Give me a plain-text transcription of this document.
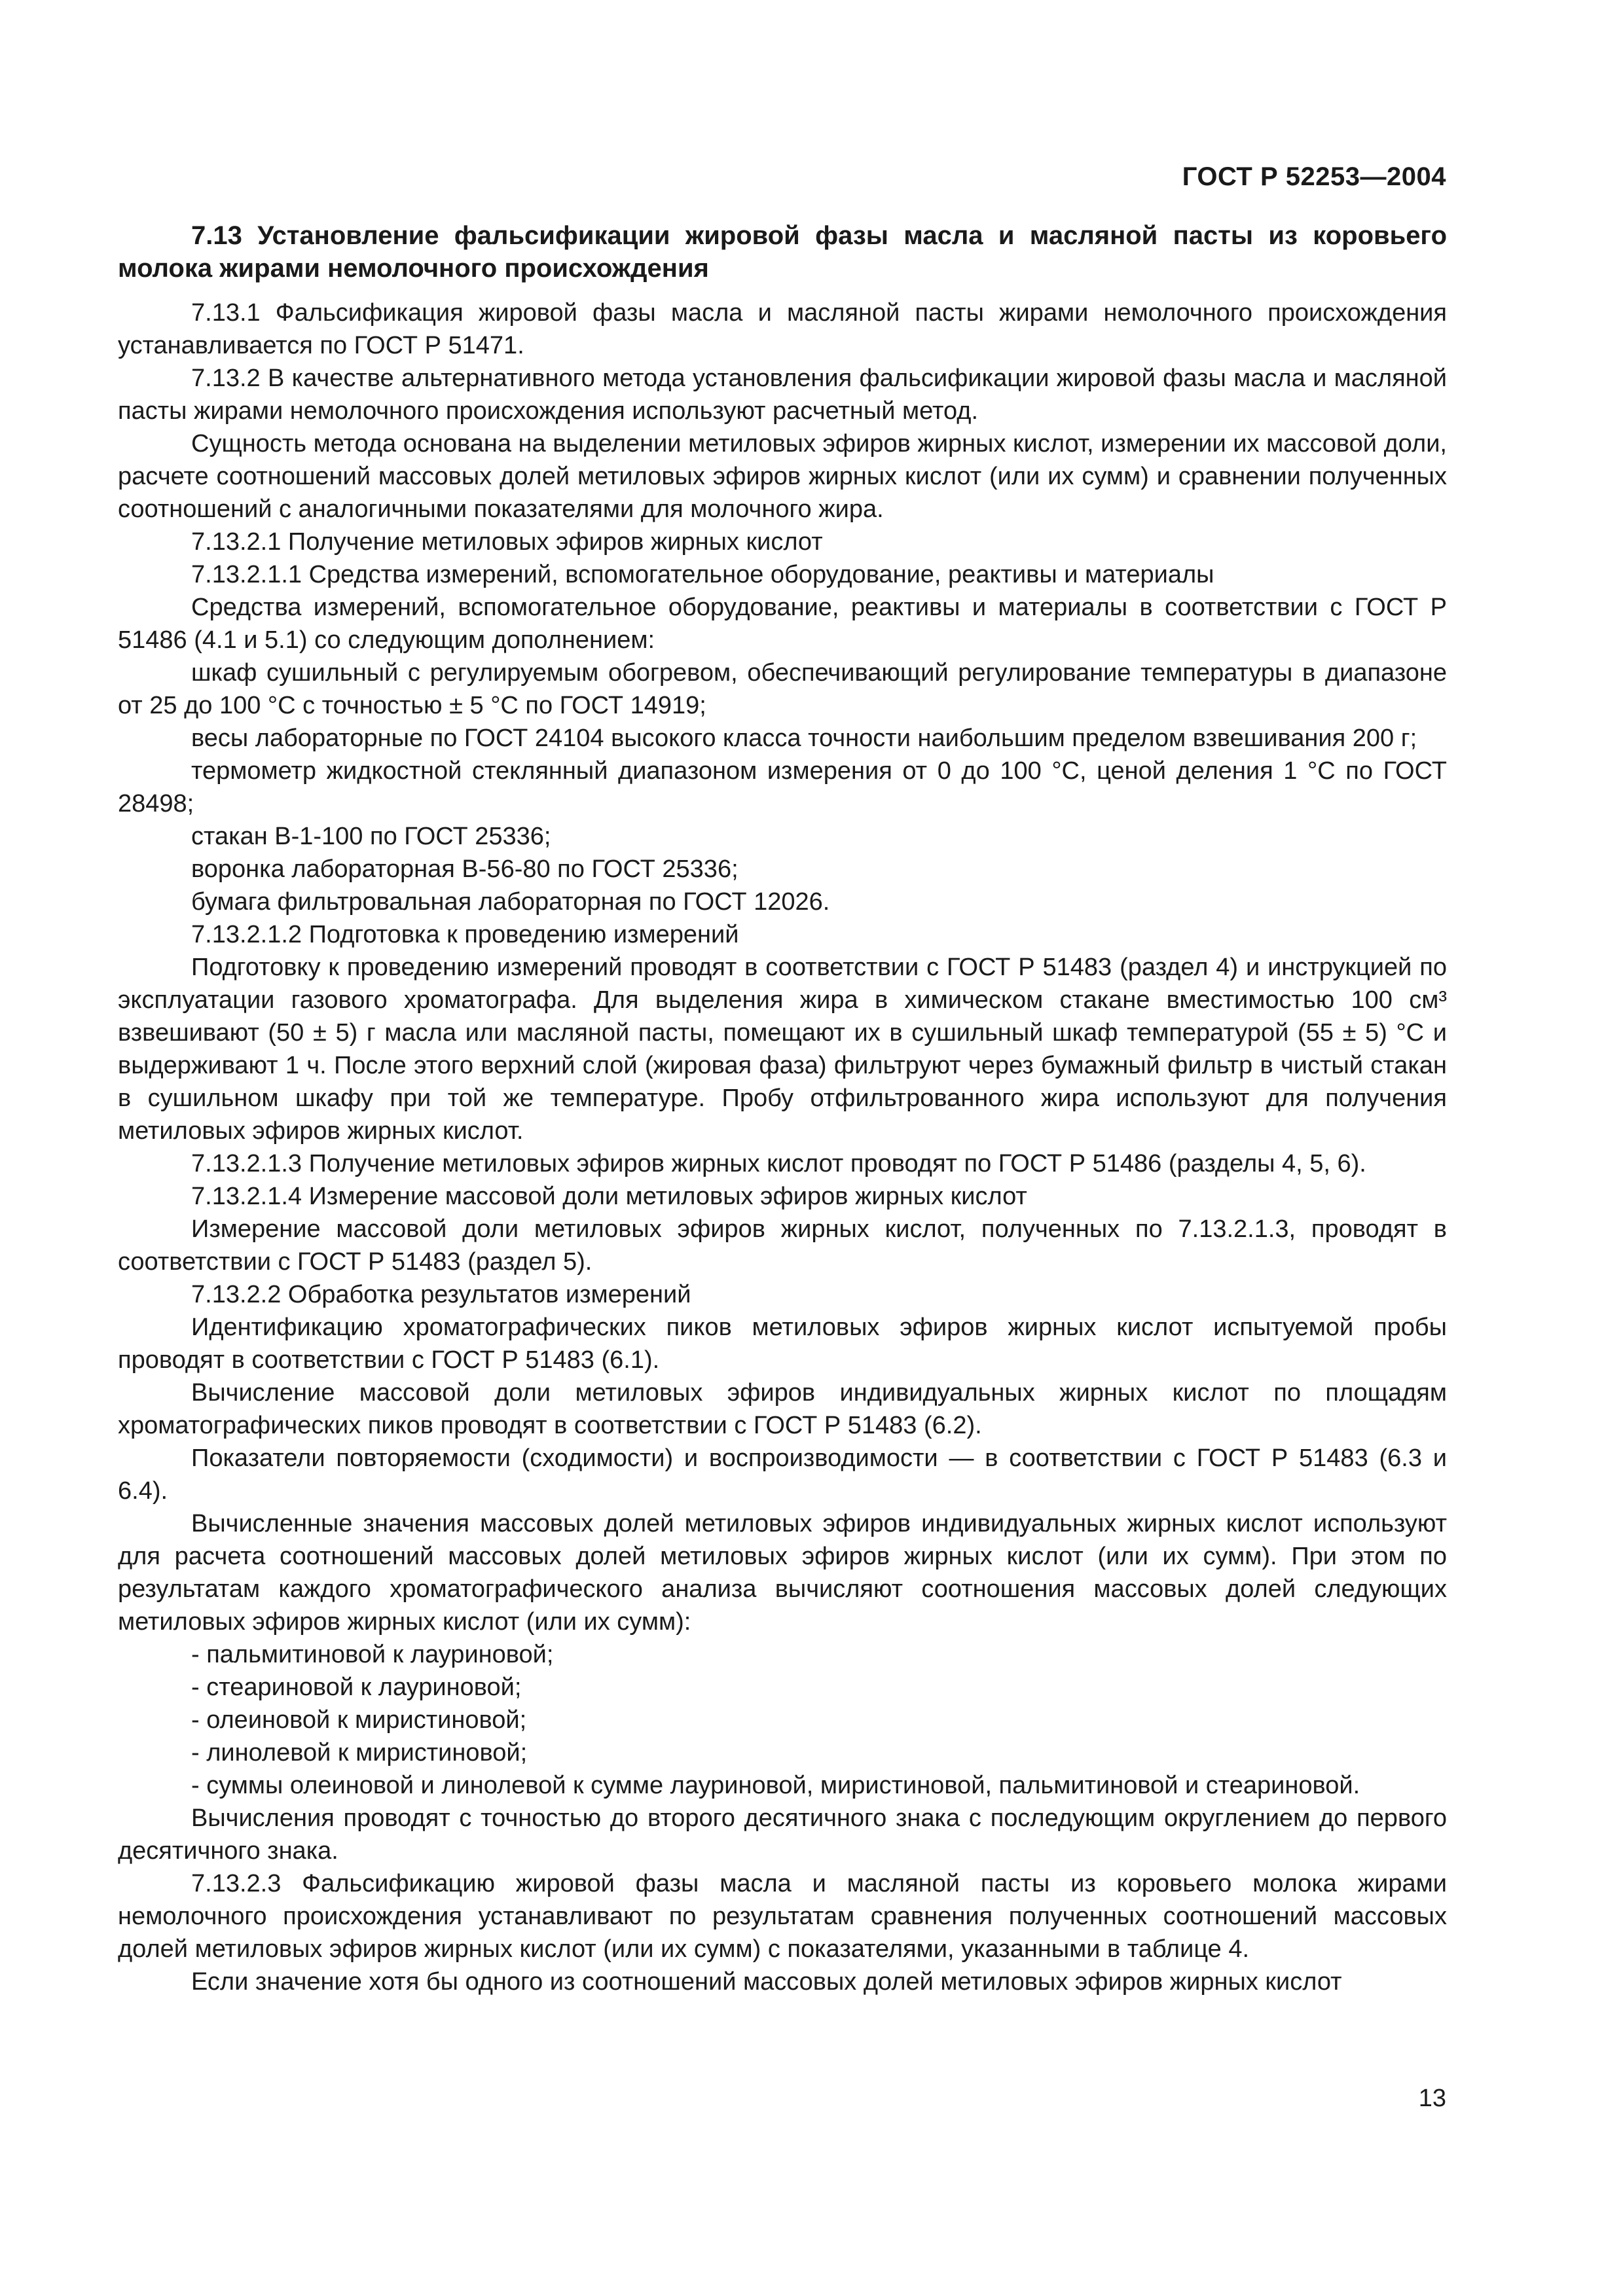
ГОСТ Р 52253—2004

7.13 Установление фальсификации жировой фазы масла и масляной пасты из коровьего молока жирами немолочного происхождения

7.13.1 Фальсификация жировой фазы масла и масляной пасты жирами немолочного происхождения устанавливается по ГОСТ Р 51471.

7.13.2 В качестве альтернативного метода установления фальсификации жировой фазы масла и масляной пасты жирами немолочного происхождения используют расчетный метод.

Сущность метода основана на выделении метиловых эфиров жирных кислот, измерении их массовой доли, расчете соотношений массовых долей метиловых эфиров жирных кислот (или их сумм) и сравнении полученных соотношений с аналогичными показателями для молочного жира.

7.13.2.1 Получение метиловых эфиров жирных кислот

7.13.2.1.1 Средства измерений, вспомогательное оборудование, реактивы и материалы

Средства измерений, вспомогательное оборудование, реактивы и материалы в соответствии с ГОСТ Р 51486 (4.1 и 5.1) со следующим дополнением:

шкаф сушильный с регулируемым обогревом, обеспечивающий регулирование температуры в диапазоне от 25 до 100 °С с точностью ± 5 °С по ГОСТ 14919;

весы лабораторные по ГОСТ 24104 высокого класса точности наибольшим пределом взвешивания 200 г;

термометр жидкостной стеклянный диапазоном измерения от 0 до 100 °С, ценой деления 1 °С по ГОСТ 28498;

стакан В-1-100 по ГОСТ 25336;

воронка лабораторная В-56-80 по ГОСТ 25336;

бумага фильтровальная лабораторная по ГОСТ 12026.

7.13.2.1.2 Подготовка к проведению измерений

Подготовку к проведению измерений проводят в соответствии с ГОСТ Р 51483 (раздел 4) и инструкцией по эксплуатации газового хроматографа. Для выделения жира в химическом стакане вместимостью 100 см³ взвешивают (50 ± 5) г масла или масляной пасты, помещают их в сушильный шкаф температурой (55 ± 5) °С и выдерживают 1 ч. После этого верхний слой (жировая фаза) фильтруют через бумажный фильтр в чистый стакан в сушильном шкафу при той же температуре. Пробу отфильтрованного жира используют для получения метиловых эфиров жирных кислот.

7.13.2.1.3 Получение метиловых эфиров жирных кислот проводят по ГОСТ Р 51486 (разделы 4, 5, 6).

7.13.2.1.4 Измерение массовой доли метиловых эфиров жирных кислот

Измерение массовой доли метиловых эфиров жирных кислот, полученных по 7.13.2.1.3, проводят в соответствии с ГОСТ Р 51483 (раздел 5).

7.13.2.2 Обработка результатов измерений

Идентификацию хроматографических пиков метиловых эфиров жирных кислот испытуемой пробы проводят в соответствии с ГОСТ Р 51483 (6.1).

Вычисление массовой доли метиловых эфиров индивидуальных жирных кислот по площадям хроматографических пиков проводят в соответствии с ГОСТ Р 51483 (6.2).

Показатели повторяемости (сходимости) и воспроизводимости — в соответствии с ГОСТ Р 51483 (6.3 и 6.4).

Вычисленные значения массовых долей метиловых эфиров индивидуальных жирных кислот используют для расчета соотношений массовых долей метиловых эфиров жирных кислот (или их сумм). При этом по результатам каждого хроматографического анализа вычисляют соотношения массовых долей следующих метиловых эфиров жирных кислот (или их сумм):

- пальмитиновой к лауриновой;

- стеариновой к лауриновой;

- олеиновой к миристиновой;

- линолевой к миристиновой;

- суммы олеиновой и линолевой к сумме лауриновой, миристиновой, пальмитиновой и стеариновой.

Вычисления проводят с точностью до второго десятичного знака с последующим округлением до первого десятичного знака.

7.13.2.3 Фальсификацию жировой фазы масла и масляной пасты из коровьего молока жирами немолочного происхождения устанавливают по результатам сравнения полученных соотношений массовых долей метиловых эфиров жирных кислот (или их сумм) с показателями, указанными в таблице 4.

Если значение хотя бы одного из соотношений массовых долей метиловых эфиров жирных кислот

13
